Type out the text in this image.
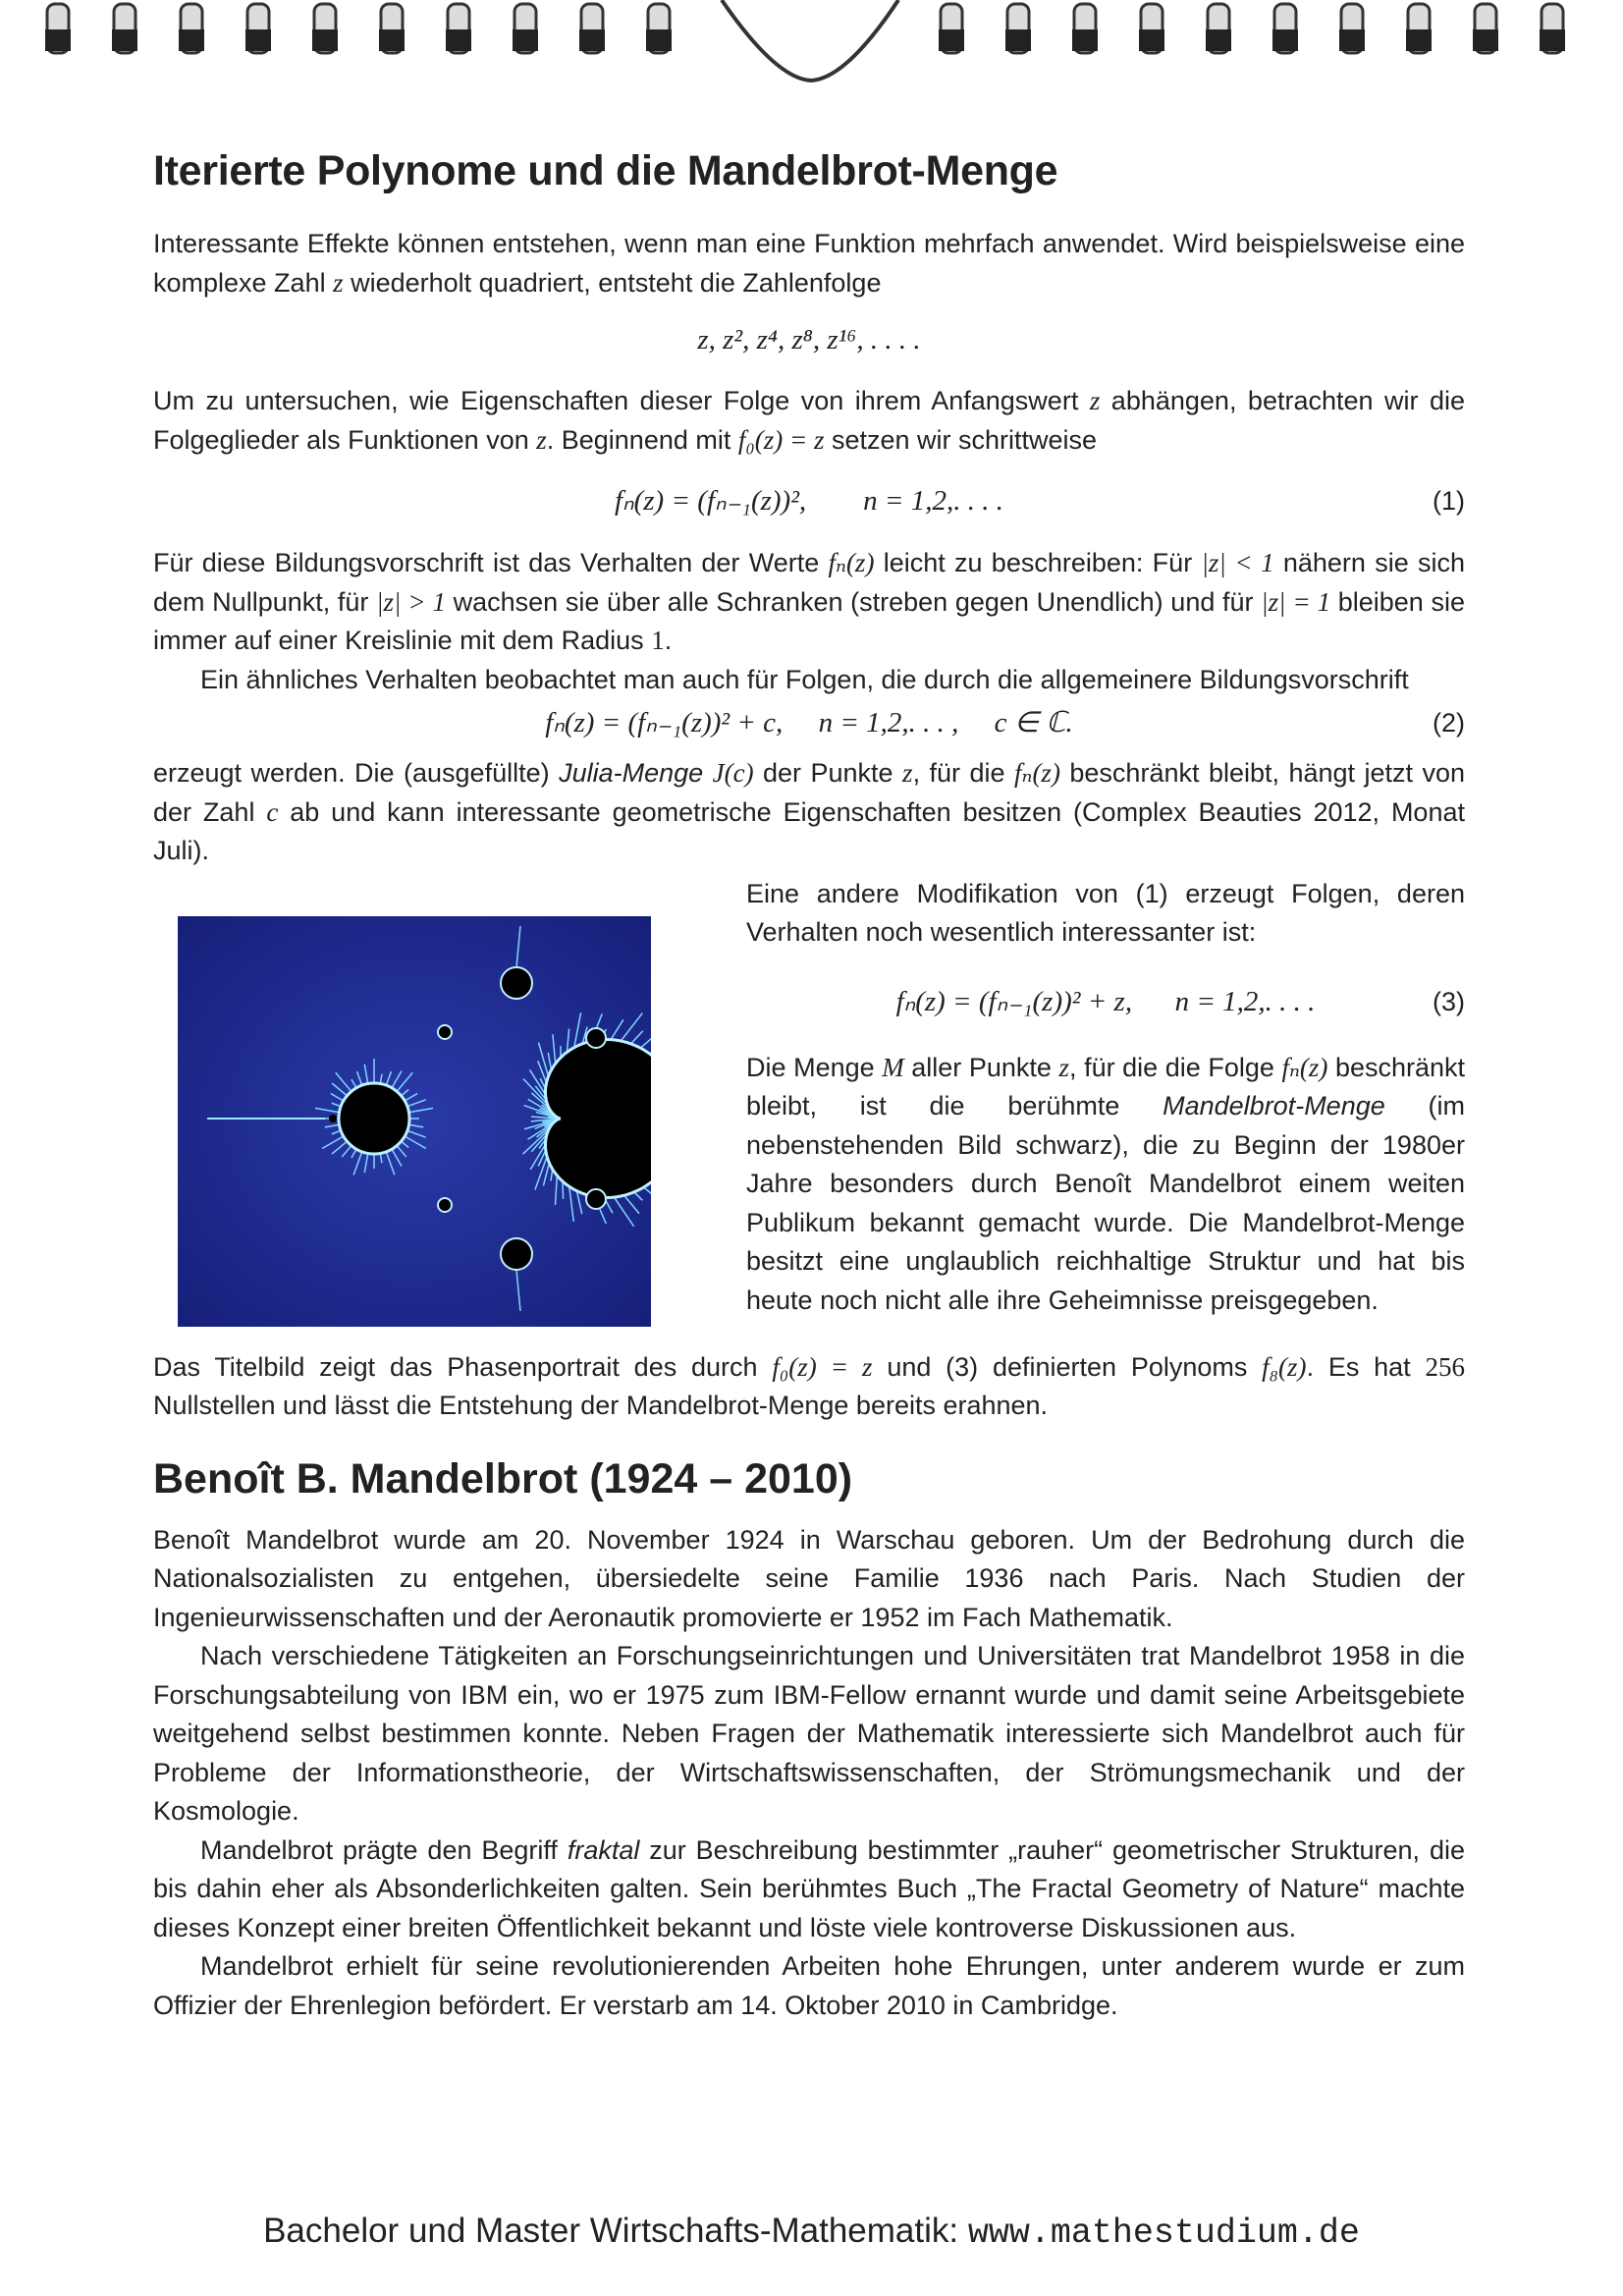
Iterierte Polynome und die Mandelbrot-Menge

Interessante Effekte können entstehen, wenn man eine Funktion mehrfach anwendet. Wird beispielsweise eine komplexe Zahl z wiederholt quadriert, entsteht die Zahlenfolge

z, z², z⁴, z⁸, z¹⁶, . . . .

Um zu untersuchen, wie Eigenschaften dieser Folge von ihrem Anfangswert z abhängen, betrachten wir die Folgeglieder als Funktionen von z. Beginnend mit f₀(z) = z setzen wir schrittweise

fₙ(z) = (fₙ₋₁(z))², n = 1,2,. . . .	(1)

Für diese Bildungsvorschrift ist das Verhalten der Werte fₙ(z) leicht zu beschreiben: Für |z| < 1 nähern sie sich dem Nullpunkt, für |z| > 1 wachsen sie über alle Schranken (streben gegen Unendlich) und für |z| = 1 bleiben sie immer auf einer Kreislinie mit dem Radius 1.

Ein ähnliches Verhalten beobachtet man auch für Folgen, die durch die allgemeinere Bildungsvorschrift

fₙ(z) = (fₙ₋₁(z))² + c, n = 1,2,. . . , c ∈ ℂ.	(2)

erzeugt werden. Die (ausgefüllte) Julia-Menge J(c) der Punkte z, für die fₙ(z) beschränkt bleibt, hängt jetzt von der Zahl c ab und kann interessante geometrische Eigenschaften besitzen (Complex Beauties 2012, Monat Juli).

Eine andere Modifikation von (1) erzeugt Folgen, deren Verhalten noch wesentlich interessanter ist:

fₙ(z) = (fₙ₋₁(z))² + z, n = 1,2,. . . .	(3)

Die Menge M aller Punkte z, für die die Folge fₙ(z) beschränkt bleibt, ist die berühmte Mandelbrot-Menge (im nebenstehenden Bild schwarz), die zu Beginn der 1980er Jahre besonders durch Benoît Mandelbrot einem weiten Publikum bekannt gemacht wurde. Die Mandelbrot-Menge besitzt eine unglaublich reichhaltige Struktur und hat bis heute noch nicht alle ihre Geheimnisse preisgegeben.

Das Titelbild zeigt das Phasenportrait des durch f₀(z) = z und (3) definierten Polynoms f₈(z). Es hat 256 Nullstellen und lässt die Entstehung der Mandelbrot-Menge bereits erahnen.

Benoît B. Mandelbrot (1924 – 2010)

Benoît Mandelbrot wurde am 20. November 1924 in Warschau geboren. Um der Bedrohung durch die Nationalsozialisten zu entgehen, übersiedelte seine Familie 1936 nach Paris. Nach Studien der Ingenieurwissenschaften und der Aeronautik promovierte er 1952 im Fach Mathematik.

Nach verschiedene Tätigkeiten an Forschungseinrichtungen und Universitäten trat Mandelbrot 1958 in die Forschungsabteilung von IBM ein, wo er 1975 zum IBM-Fellow ernannt wurde und damit seine Arbeitsgebiete weitgehend selbst bestimmen konnte. Neben Fragen der Mathematik interessierte sich Mandelbrot auch für Probleme der Informationstheorie, der Wirtschaftswissenschaften, der Strömungsmechanik und der Kosmologie.

Mandelbrot prägte den Begriff fraktal zur Beschreibung bestimmter „rauher“ geometrischer Strukturen, die bis dahin eher als Absonderlichkeiten galten. Sein berühmtes Buch „The Fractal Geometry of Nature“ machte dieses Konzept einer breiten Öffentlichkeit bekannt und löste viele kontroverse Diskussionen aus.

Mandelbrot erhielt für seine revolutionierenden Arbeiten hohe Ehrungen, unter anderem wurde er zum Offizier der Ehrenlegion befördert. Er verstarb am 14. Oktober 2010 in Cambridge.

Bachelor und Master Wirtschafts-Mathematik: www.mathestudium.de
